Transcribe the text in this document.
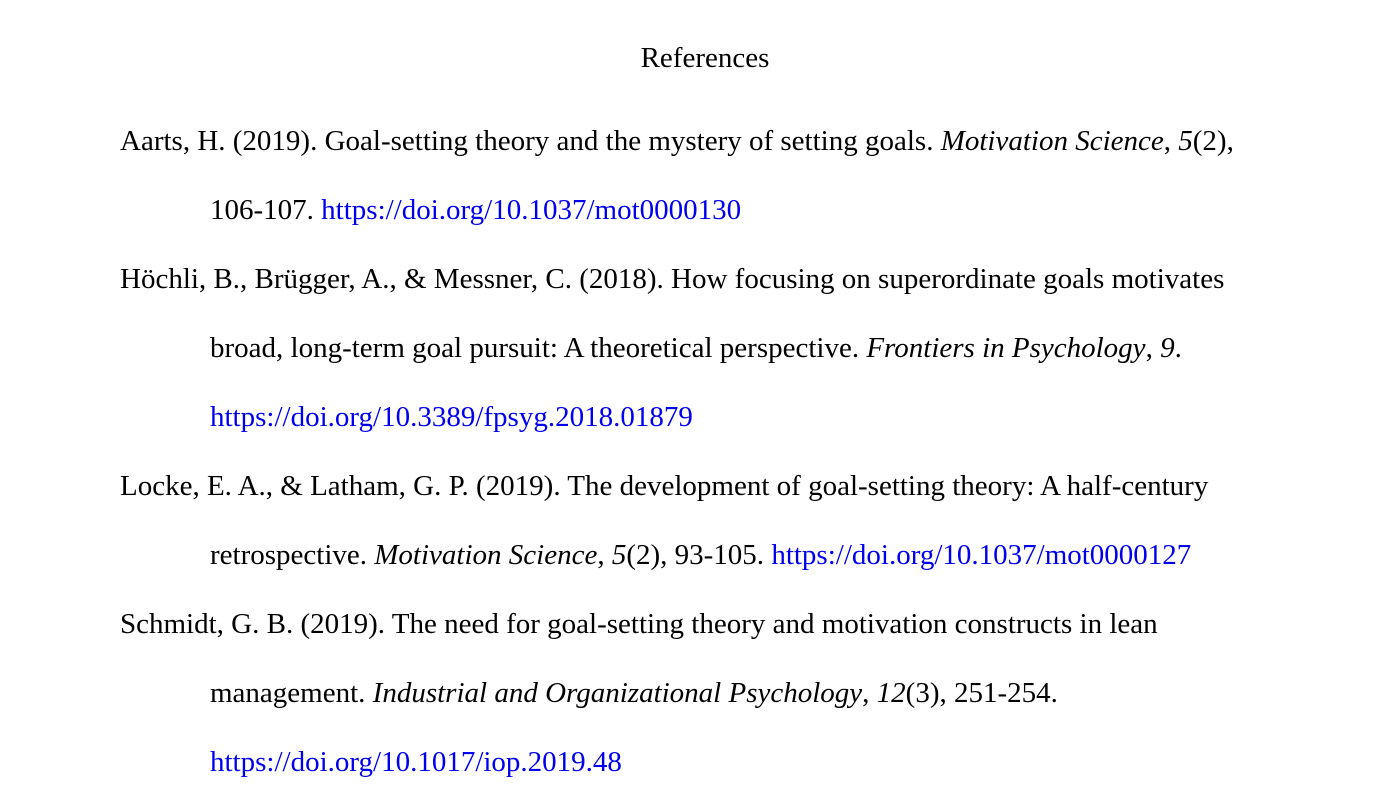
References

Aarts, H. (2019). Goal-setting theory and the mystery of setting goals. Motivation Science, 5(2), 106-107. https://doi.org/10.1037/mot0000130

Höchli, B., Brügger, A., & Messner, C. (2018). How focusing on superordinate goals motivates broad, long-term goal pursuit: A theoretical perspective. Frontiers in Psychology, 9.
https://doi.org/10.3389/fpsyg.2018.01879

Locke, E. A., & Latham, G. P. (2019). The development of goal-setting theory: A half-century retrospective. Motivation Science, 5(2), 93-105. https://doi.org/10.1037/mot0000127

Schmidt, G. B. (2019). The need for goal-setting theory and motivation constructs in lean management. Industrial and Organizational Psychology, 12(3), 251-254.
https://doi.org/10.1017/iop.2019.48
